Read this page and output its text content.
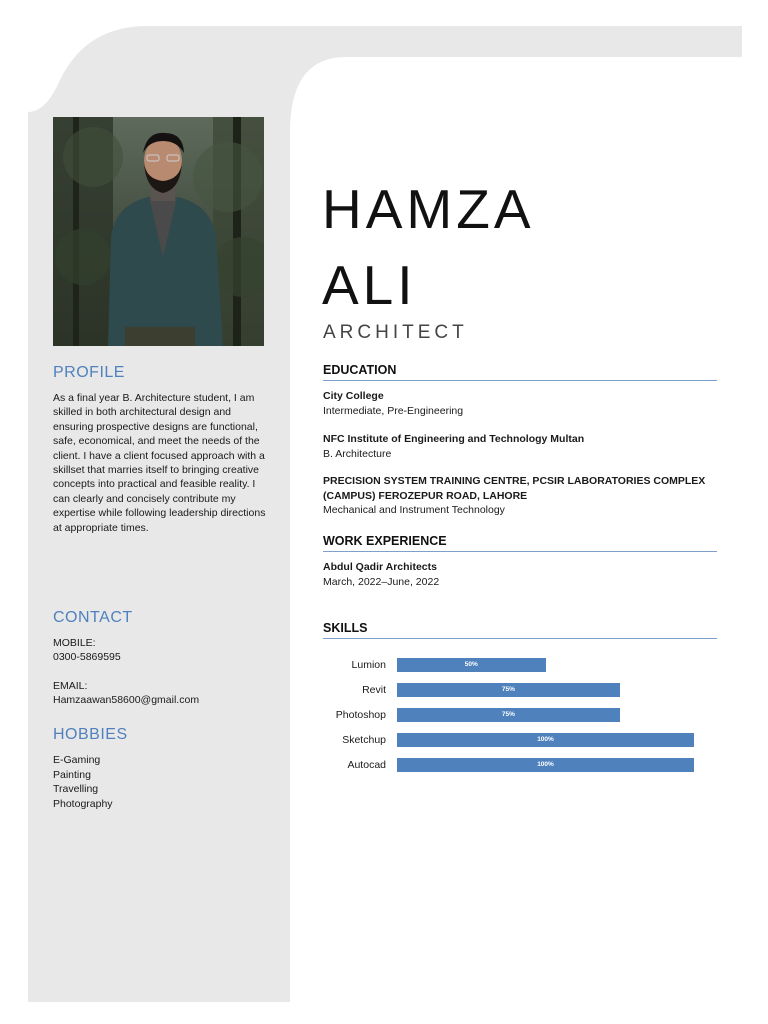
PROFILE
As a final year B. Architecture student, I am skilled in both architectural design and ensuring prospective designs are functional, safe, economical, and meet the needs of the client. I have a client focused approach with a skillset that marries itself to bringing creative concepts into practical and feasible reality. I can clearly and concisely contribute my expertise while following leadership directions at appropriate times.
CONTACT
MOBILE:
0300-5869595
EMAIL:
Hamzaawan58600@gmail.com
HOBBIES
E-Gaming
Painting
Travelling
Photography
HAMZA
ALI
ARCHITECT
EDUCATION
City College
Intermediate, Pre-Engineering
NFC Institute of Engineering and Technology Multan
B. Architecture
PRECISION SYSTEM TRAINING CENTRE, PCSIR LABORATORIES COMPLEX (CAMPUS) FEROZEPUR ROAD, LAHORE
Mechanical and Instrument Technology
WORK EXPERIENCE
Abdul Qadir Architects
March, 2022–June, 2022
SKILLS
Lumion	50%
Revit	75%
Photoshop	75%
Sketchup	100%
Autocad	100%
